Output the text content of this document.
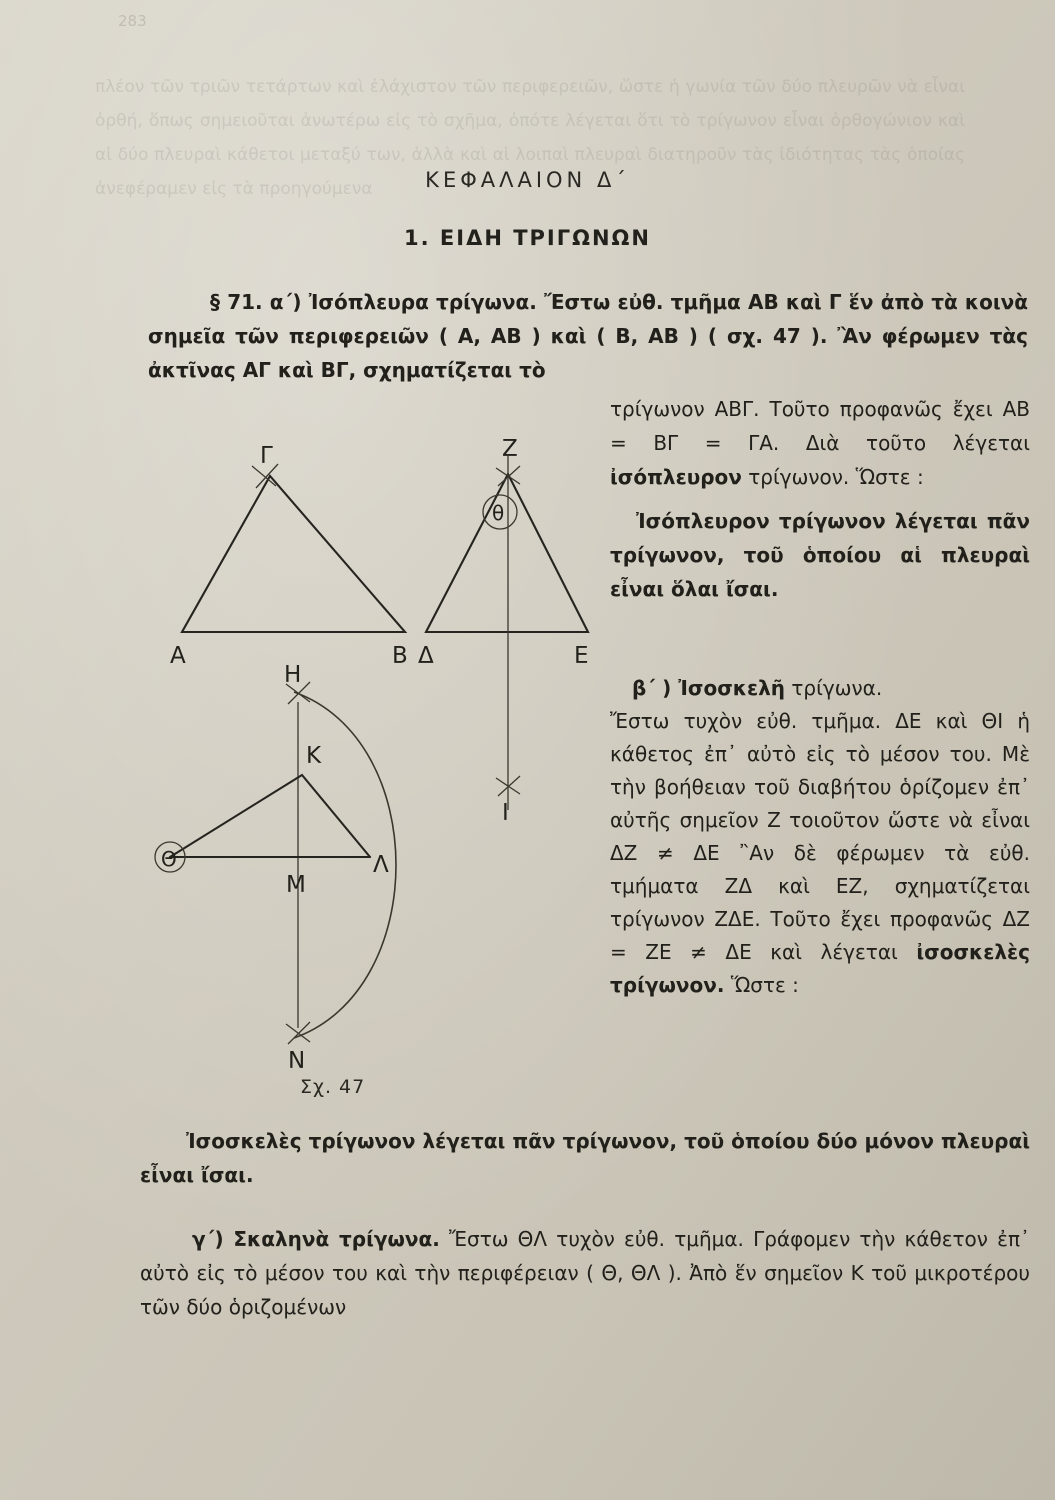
283
πλέον τῶν τριῶν τετάρτων καὶ ἐλάχιστον τῶν περιφερειῶν, ὥστε ἡ γωνία τῶν δύο πλευρῶν νὰ εἶναι ὀρθή, ὅπως σημειοῦται ἀνωτέρω εἰς τὸ σχῆμα, ὁπότε λέγεται ὅτι τὸ τρίγωνον εἶναι ὀρθογώνιον καὶ αἱ δύο πλευραὶ κάθετοι μεταξύ των, ἀλλὰ καὶ αἱ λοιπαὶ πλευραὶ διατηροῦν τὰς ἰδιότητας τὰς ὁποίας ἀνεφέραμεν εἰς τὰ προηγούμενα	ΚΕΦΑΛΑΙΟΝ Δ΄
1. ΕΙΔΗ ΤΡΙΓΩΝΩΝ
§ 71. α΄) Ἰσόπλευρα τρίγωνα. Ἔστω εὐθ. τμῆμα ΑΒ καὶ Γ ἕν ἀπὸ τὰ κοινὰ σημεῖα τῶν περιφερειῶν ( Α, ΑΒ ) καὶ ( Β, ΑΒ ) ( σχ. 47 ). Ἂν φέρωμεν τὰς ἀκτῖνας ΑΓ καὶ ΒΓ, σχηματίζεται τὸ
Γ
Α	Β
Ζ
θ
Δ	Ε
Ι
Η
Κ
Θ
Μ
Λ
Ν
Σχ. 47
τρίγωνον ΑΒΓ. Τοῦτο προφανῶς ἔχει ΑΒ = ΒΓ = ΓΑ. Διὰ τοῦτο λέγεται ἰσόπλευρον τρίγωνον. Ὥστε :
Ἰσόπλευρον τρίγωνον λέγεται πᾶν τρίγωνον, τοῦ ὁποίου αἱ πλευραὶ εἶναι ὅλαι ἴσαι.
β΄ ) Ἰσοσκελῆ τρίγωνα.
Ἔστω τυχὸν εὐθ. τμῆμα. ΔΕ καὶ ΘΙ ἡ κάθετος ἐπ᾿ αὐτὸ εἰς τὸ μέσον του. Μὲ τὴν βοήθειαν τοῦ διαβήτου ὁρίζομεν ἐπ᾿ αὐτῆς σημεῖον Ζ τοιοῦτον ὥστε νὰ εἶναι ΔΖ ≠ ΔΕ ῍Αν δὲ φέρωμεν τὰ εὐθ. τμήματα ΖΔ καὶ ΕΖ, σχηματίζεται τρίγωνον ΖΔΕ. Τοῦτο ἔχει προφανῶς ΔΖ = ΖΕ ≠ ΔΕ καὶ λέγεται ἰσοσκελὲς τρίγωνον. Ὥστε :
Ἰσοσκελὲς τρίγωνον λέγεται πᾶν τρίγωνον, τοῦ ὁποίου δύο μόνον πλευραὶ εἶναι ἴσαι.
γ΄) Σκαληνὰ τρίγωνα. Ἔστω ΘΛ τυχὸν εὐθ. τμῆμα. Γράφομεν τὴν κάθετον ἐπ᾿ αὐτὸ εἰς τὸ μέσον του καὶ τὴν περιφέρειαν ( Θ, ΘΛ ). Ἀπὸ ἕν σημεῖον Κ τοῦ μικροτέρου τῶν δύο ὁριζομένων
